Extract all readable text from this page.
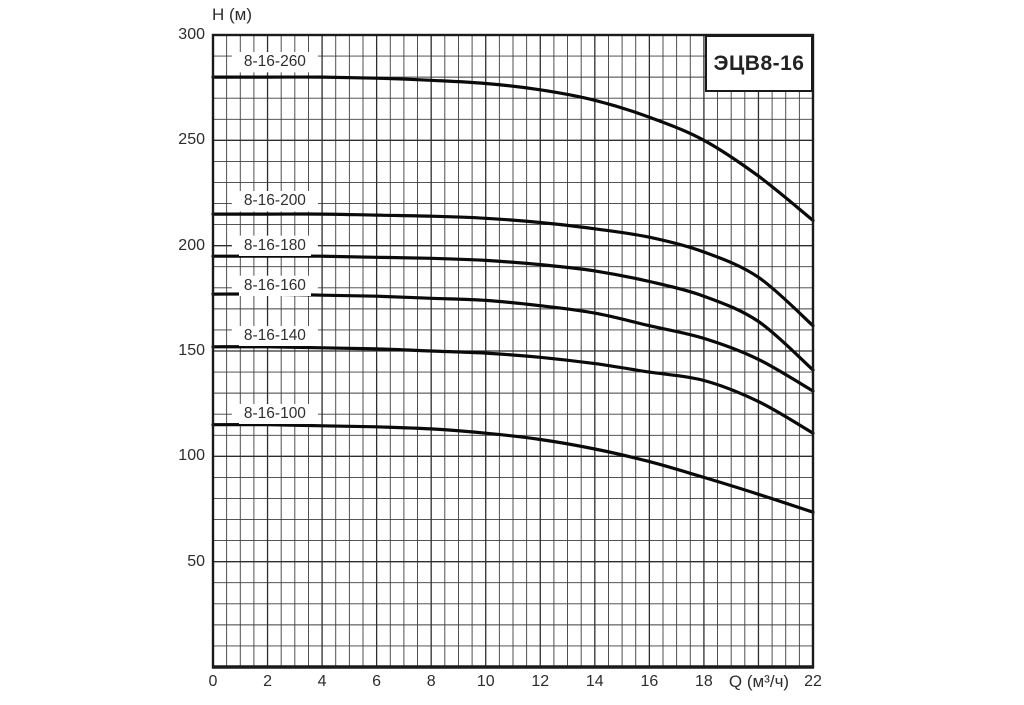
H (м)
Q (м³/ч)
300
250
200
150
100
50
0	2	4	6	8	10	12	14	16	18	22
8-16-260
8-16-200
8-16-180
8-16-160
8-16-140
8-16-100
ЭЦВ8-16
